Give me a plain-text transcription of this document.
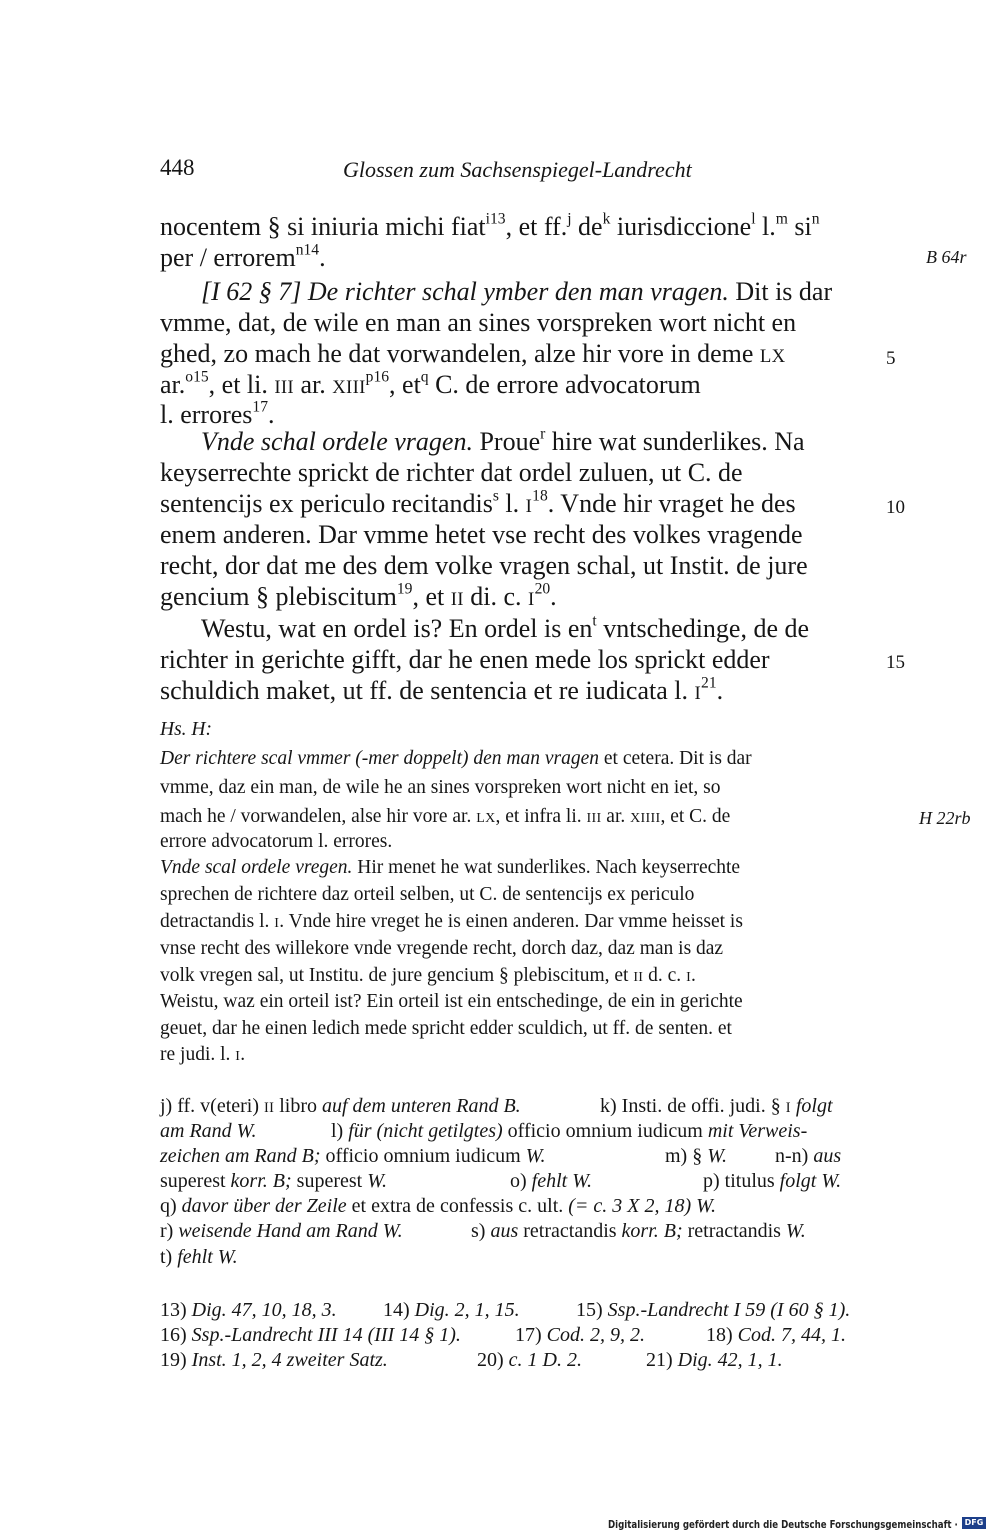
448	Glossen zum Sachsenspiegel-Landrecht
B 64r
H 22rb
5
10
15
nocentem § si iniuria michi fiat$^{i13}$, et ff.$^j$ $de^k$ iurisdiccione$^l$ l.$^m$ $si^n$
per / errorem$^{n14}$.
[I 62 § 7] De richter schal ymber den man vragen. Dit is dar
vmme, dat, de wile en man an sines vorspreken wort nicht en
ghed, zo mach he dat vorwandelen, alze hir vore in deme LX
ar.$^{o15}$, et li. III ar. $XIII^{p16}$, $et^q$ C. de errore advocatorum
l. errores$^{17}$.
Vnde schal ordele vragen. Proue$^r$ hire wat sunderlikes. Na
keyserrechte sprickt de richter dat ordel zuluen, ut C. de
sentencijs ex periculo recitandis$^s$ l. $I^{18}$. Vnde hir vraget he des
enem anderen. Dar vmme hetet vse recht des volkes vragende
recht, dor dat me des dem volke vragen schal, ut Instit. de jure
gencium § plebiscitum$^{19}$, et II di. c. $I^{20}$.
Westu, wat en ordel is? En ordel is $en^t$ vntschedinge, de de
richter in gerichte gifft, dar he enen mede los sprickt edder
schuldich maket, ut ff. de sentencia et re iudicata l. $I^{21}$.
Hs. H:
Der richtere scal vmmer (-mer doppelt) den man vragen et cetera. Dit is dar
vmme, daz ein man, de wile he an sines vorspreken wort nicht en iet, so
mach he / vorwandelen, alse hir vore ar. LX, et infra li. III ar. XIIII, et C. de
errore advocatorum l. errores.
Vnde scal ordele vregen. Hir menet he wat sunderlikes. Nach keyserrechte
sprechen de richtere daz orteil selben, ut C. de sentencijs ex periculo
detractandis l. I. Vnde hire vreget he is einen anderen. Dar vmme heisset is
vnse recht des willekore vnde vregende recht, dorch daz, daz man is daz
volk vregen sal, ut Institu. de jure gencium § plebiscitum, et II d. c. I.
Weistu, waz ein orteil ist? Ein orteil ist ein entschedinge, de ein in gerichte
geuet, dar he einen ledich mede spricht edder sculdich, ut ff. de senten. et
re judi. l. I.
j) ff. v(eteri) II libro auf dem unteren Rand B.	k) Insti. de offi. judi. § I folgt
am Rand W.	l) für (nicht getilgtes) officio omnium iudicum mit Verweis-
zeichen am Rand B; officio omnium iudicum W.	m) § W. n-n) aus
superest korr. B; superest W.	o) fehlt W.	p) titulus folgt W.
q) davor über der Zeile et extra de confessis c. ult. (= c. 3 X 2, 18) W.
r) weisende Hand am Rand W.	s) aus retractandis korr. B; retractandis W.
t) fehlt W.
13) Dig. 47, 10, 18, 3. 14) Dig. 2, 1, 15.	15) Ssp.-Landrecht I 59 (I 60 § 1).
16) Ssp.-Landrecht III 14 (III 14 § 1).	17) Cod. 2, 9, 2.	18) Cod. 7, 44, 1.
19) Inst. 1, 2, 4 zweiter Satz.	20) c. 1 D. 2.	21) Dig. 42, 1, 1.
Digitalisierung gefördert durch die Deutsche Forschungsgemeinschaft · DFG
